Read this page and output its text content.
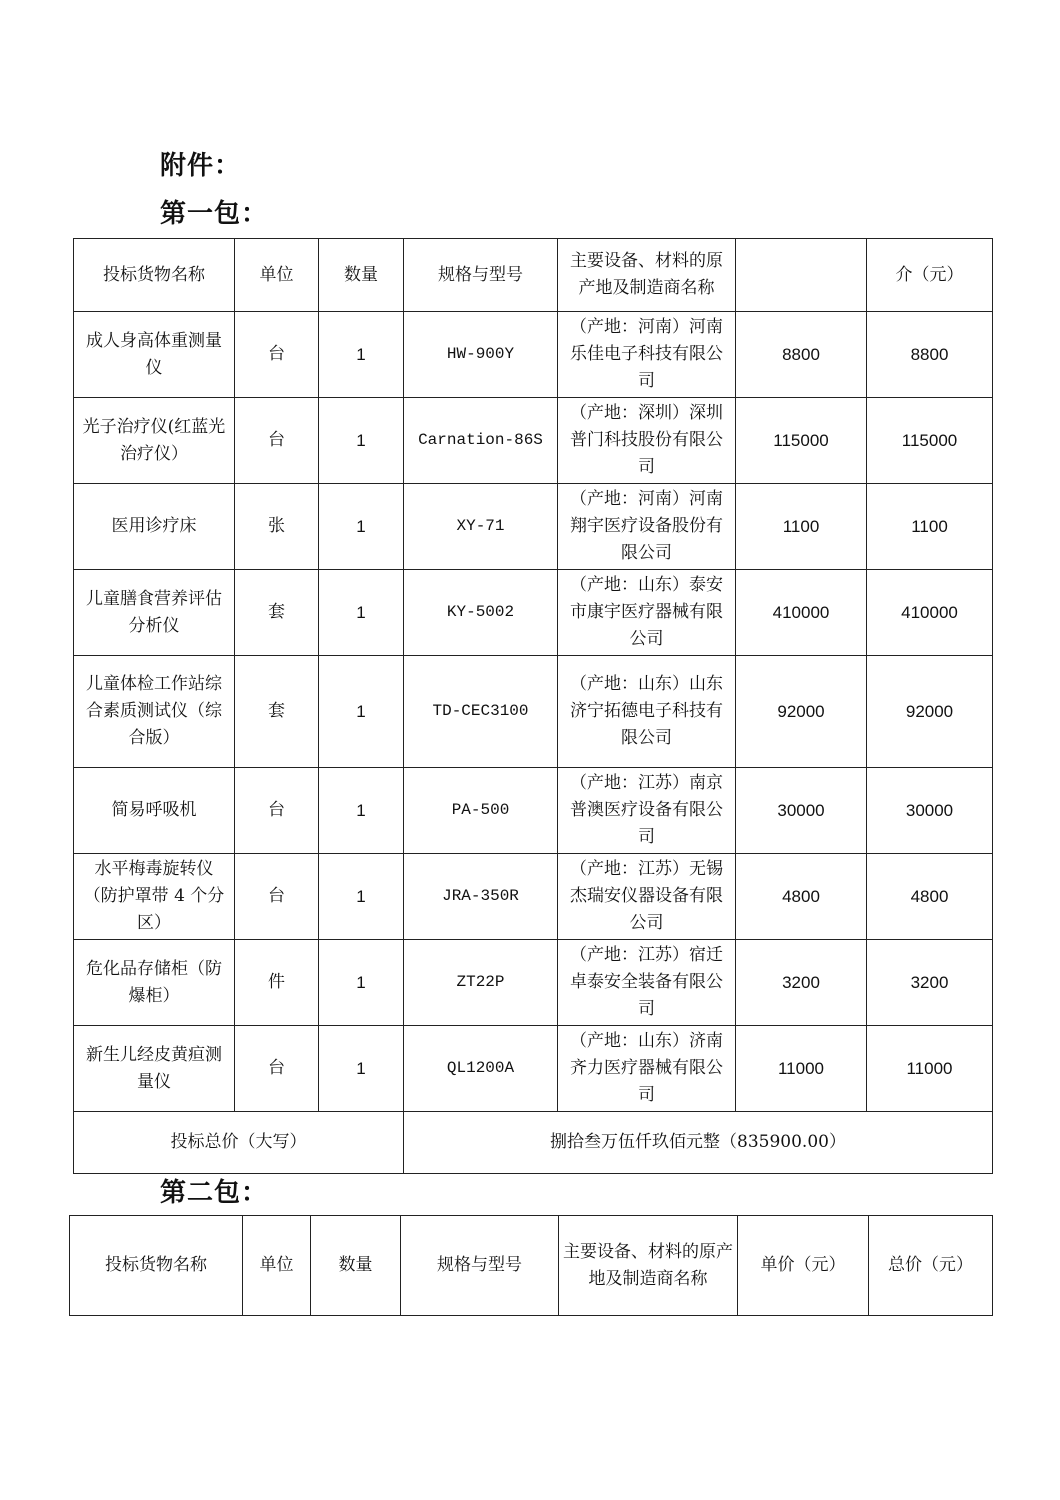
附件：
第一包：
投标货物名称	单位	数量	规格与型号	主要设备、材料的原产地及制造商名称		介（元）
成人身高体重测量仪	台	1	HW-900Y	（产地：河南）河南乐佳电子科技有限公司	8800	8800
光子治疗仪(红蓝光治疗仪）	台	1	Carnation-86S	（产地：深圳）深圳普门科技股份有限公司	115000	115000
医用诊疗床	张	1	XY-71	（产地：河南）河南翔宇医疗设备股份有限公司	1100	1100
儿童膳食营养评估分析仪	套	1	KY-5002	（产地：山东）泰安市康宇医疗器械有限公司	410000	410000
儿童体检工作站综合素质测试仪（综合版）	套	1	TD-CEC3100	（产地：山东）山东济宁拓德电子科技有限公司	92000	92000
简易呼吸机	台	1	PA-500	（产地：江苏）南京普澳医疗设备有限公司	30000	30000
水平梅毒旋转仪（防护罩带 4 个分区）	台	1	JRA-350R	（产地：江苏）无锡杰瑞安仪器设备有限公司	4800	4800
危化品存储柜（防爆柜）	件	1	ZT22P	（产地：江苏）宿迁卓泰安全装备有限公司	3200	3200
新生儿经皮黄疸测量仪	台	1	QL1200A	（产地：山东）济南齐力医疗器械有限公司	11000	11000
投标总价（大写）			捌拾叁万伍仟玖佰元整（835900.00）			
第二包：
投标货物名称	单位	数量	规格与型号	主要设备、材料的原产地及制造商名称	单价（元）	总价（元）
